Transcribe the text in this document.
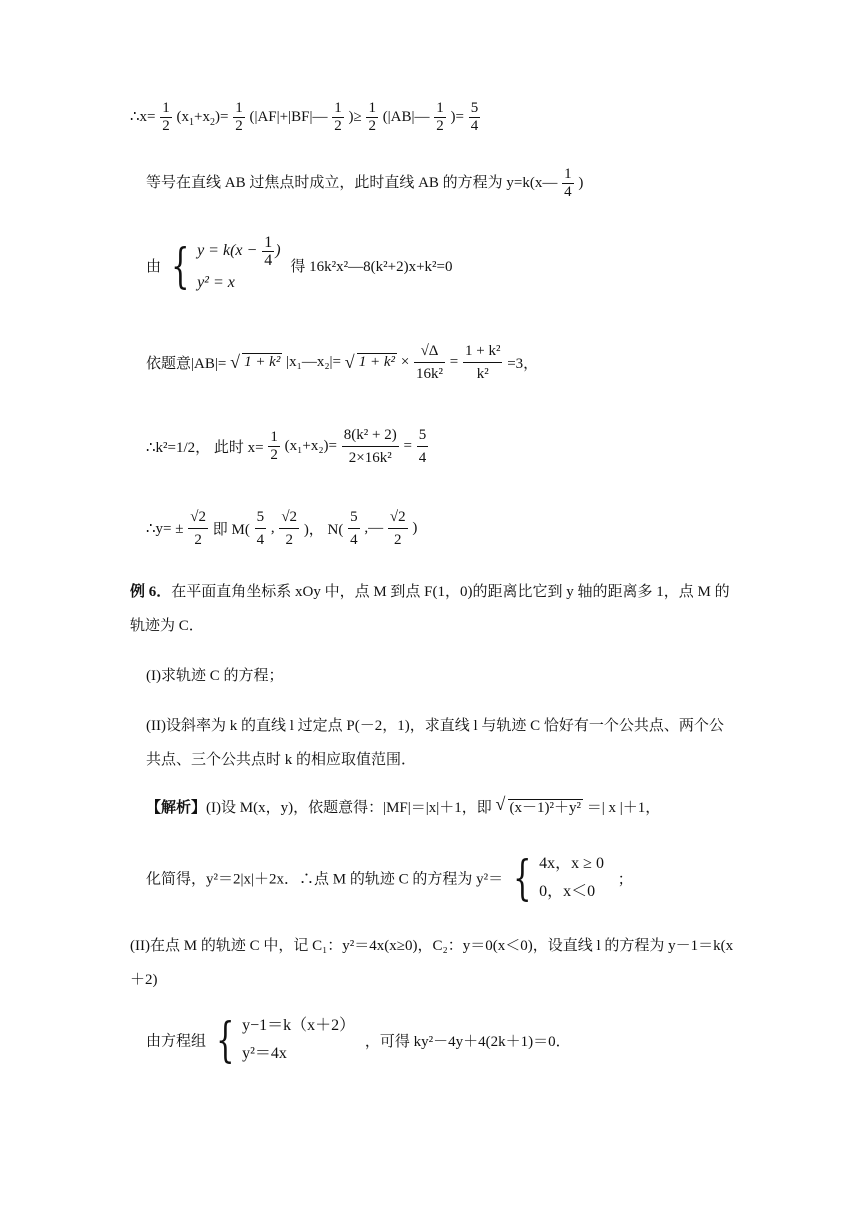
∴x= $\frac{1}{2} (x_1+x_2)= \frac{1}{2}$ (|AF|+|BF|— $\frac{1}{2}$ )≥ $\frac{1}{2}$ (|AB|— $\frac{1}{2}$ )= $\frac{5}{4}$
等号在直线 AB 过焦点时成立，此时直线 AB 的方程为 y=k(x— $\frac{1}{4}$ )
由 { $y = k(x - \frac{1}{4}$ )
y² = x
得 16k²x²—8(k²+2)x+k²=0
依题意|AB|= √ 1 + k² |x₁—x₂|= √ $1 + k^2 \times \frac{√\Delta}{\text{16k²}} = \frac{\text{1 + k²}}{\text{k²}} =3$，
∴k²=1/2， 此时 $x= \frac{1}{2} (x_1+x_2)= \frac{\text{8(k² + 2)}}{\text{2×16k²}} = \frac{5}{4}$
∴y= ± $\frac{√2}{2}$ 即 $M( \frac{5}{4}$ , $\frac{√2}{2}$ )， $N( \frac{5}{4}$ ,— $\frac{√2}{2}$ )
例 6．在平面直角坐标系 xOy 中，点 M 到点 F(1，0)的距离比它到 y 轴的距离多 1，点 M 的
轨迹为 C．
(I)求轨迹 C 的方程；
(II)设斜率为 k 的直线 l 过定点 P(－2，1)，求直线 l 与轨迹 C 恰好有一个公共点、两个公
共点、三个公共点时 k 的相应取值范围．
【解析】(I)设 M(x，y)，依题意得：|MF|＝|x|＋1，即 √ (x－1)²＋y² ＝| x |＋1，
化简得，y²＝2|x|＋2x．∴点 M 的轨迹 C 的方程为 y²＝ { 4x，x ≥ 0
0，x＜0
；
(II)在点 M 的轨迹 C 中，记 C₁：y²＝4x(x≥0)，C₂：y＝0(x＜0)，设直线 l 的方程为 y－1＝k(x
＋2)
由方程组 { y−1＝k（x＋2）
y²＝4x
，可得 ky²－4y＋4(2k＋1)＝0．
